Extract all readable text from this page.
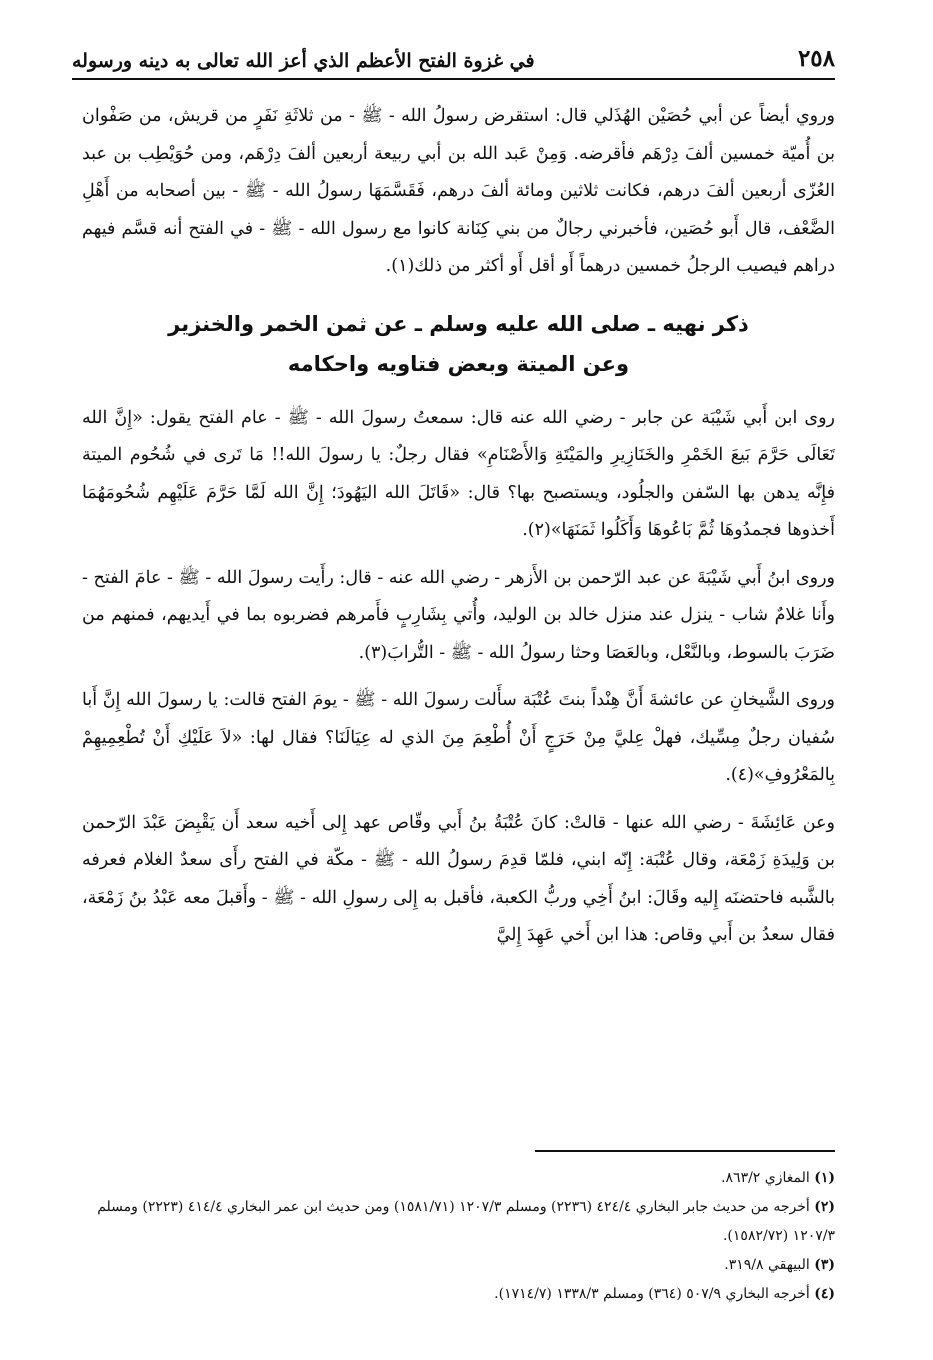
٢٥٨
في غزوة الفتح الأعظم الذي أعز الله تعالى به دينه ورسوله

وروي أيضاً عن أبي حُصَيْن الهُذَلي قال: استقرض رسولُ الله - ﷺ - من ثلاثَةِ نَفَرٍ من قريش، من صَفْوان بن أُميّة خمسين ألفَ دِرْهَم فأقرضه. وَمِنْ عَبد الله بن أبي ربيعة أربعين ألفَ دِرْهَم، ومن حُوَيْطِب بن عبد العُزّى أربعين ألفَ درهم، فكانت ثلاثين ومائة ألفَ درهم، فَقَسَّمَهَا رسولُ الله - ﷺ - بين أصحابه من أَهْلِ الضَّعْف، قال أَبو حُصَين، فأخبرني رجالٌ من بني كِنَانة كانوا مع رسول الله - ﷺ - في الفتح أنه قسَّم فيهم دراهم فيصيب الرجلُ خمسين درهماً أَو أقل أَو أكثر من ذلك(١).

ذكر نهيه ـ صلى الله عليه وسلم ـ عن ثمن الخمر والخنزير
وعن الميتة وبعض فتاويه واحكامه

روى ابن أَبي شَيْبَة عن جابر - رضي الله عنه قال: سمعتُ رسولَ الله - ﷺ - عام الفتح يقول: «إِنَّ الله تَعَالَى حَرَّمَ بَيعَ الخَمْرِ والخَنَازِيرِ والمَيْتَةِ وَالأَصْنَامِ» فقال رجلٌ: يا رسولَ الله!! مَا تَرى في شُحُوم الميتة فإِنَّه يدهن بها السّفن والجلُود، ويستصبح بها؟ قال: «قَاتَلَ الله اليَهُودَ؛ إِنَّ الله لَمَّا حَرَّمَ عَلَيْهِم شُحُومَهُمَا أَخذوها فجمدُوهَا ثُمَّ بَاعُوهَا وَأَكَلُوا ثَمَنَهَا»(٢).

وروى ابنُ أَبي شَيْبَةَ عن عبد الرّحمن بن الأَزهر - رضي الله عنه - قال: رأَيت رسولَ الله - ﷺ - عامَ الفتح - وأَنا غلامٌ شاب - ينزل عند منزل خالد بن الوليد، وأُتي بِشَارِبٍ فأَمرهم فضربوه بما في أَيديهم، فمنهم من ضَرَبَ بالسوط، وبالنَّعْل، وبالعَصَا وحثا رسولُ الله - ﷺ - التُّرابَ(٣).

وروى الشَّيخانِ عن عائشةَ أَنَّ هِنْداً بنتَ عُتْبَة سأَلت رسولَ الله - ﷺ - يومَ الفتح قالت: يا رسولَ الله إِنَّ أَبا سُفيان رجلٌ مِسِّيك، فهلْ عِليَّ مِنْ حَرَجٍ أَنْ أُطْعِمَ مِنَ الذي له عِيَالَنَا؟ فقال لها: «لاَ عَلَيْكِ أَنْ تُطْعِمِيهِمْ بِالمَعْرُوفِ»(٤).

وعن عَائِشَةَ - رضي الله عنها - قالتْ: كانَ عُتْبَةُ بنُ أَبي وقّاص عهد إِلى أَخيه سعد أَن يَقْبِضَ عَبْدَ الرّحمن بن وَلِيدَةِ زَمْعَة، وقال عُتْبَة: إِنّه ابني، فلمّا قدِمَ رسولُ الله - ﷺ - مكّة في الفتح رأَى سعدٌ الغلام فعرفه بالشَّبه فاحتضنَه إِليه وقَالَ: ابنُ أَخِي وربُّ الكعبة، فأقبل به إِلى رسولِ الله - ﷺ - وأَقبلَ معه عَبْدُ بنُ زَمْعَة، فقال سعدُ بن أَبي وقاص: هذا ابن أَخي عَهِدَ إِليَّ

(١) المغازي ٨٦٣/٢.
(٢) أخرجه من حديث جابر البخاري ٤٢٤/٤ (٢٢٣٦) ومسلم ١٢٠٧/٣ (١٥٨١/٧١) ومن حديث ابن عمر البخاري ٤١٤/٤ (٢٢٢٣) ومسلم ١٢٠٧/٣ (١٥٨٢/٧٢).
(٣) البيهقي ٣١٩/٨.
(٤) أخرجه البخاري ٥٠٧/٩ (٣٦٤) ومسلم ١٣٣٨/٣ (١٧١٤/٧).
